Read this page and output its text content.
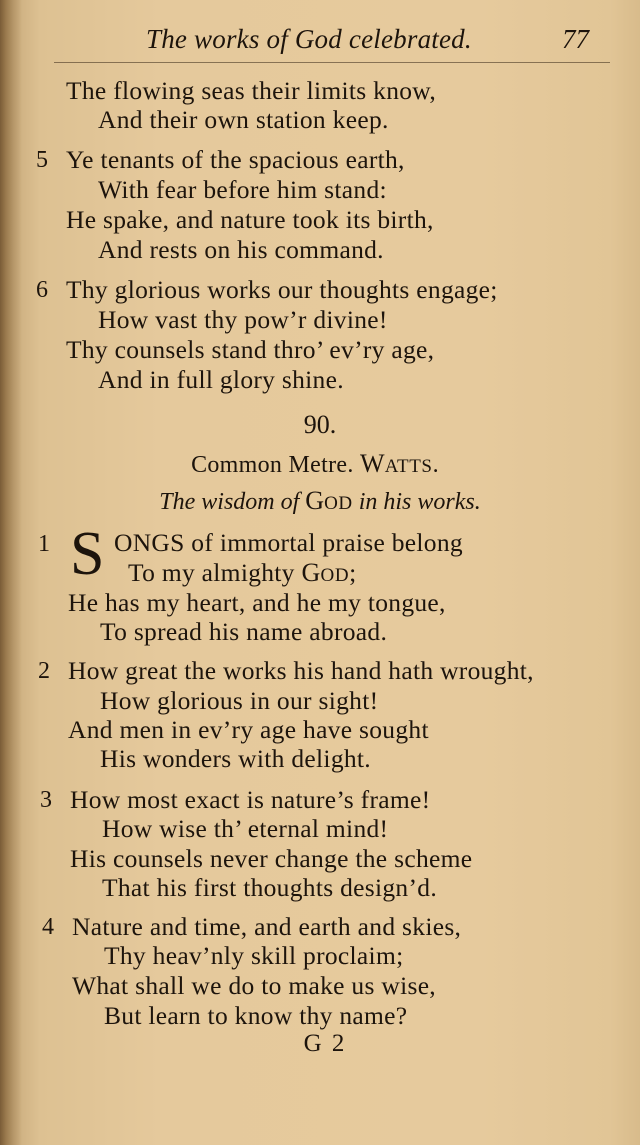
The works of God celebrated.	77
The flowing seas their limits know,
And their own station keep.
5 Ye tenants of the spacious earth,
With fear before him stand:
He spake, and nature took its birth,
And rests on his command.
6 Thy glorious works our thoughts engage;
How vast thy pow’r divine!
Thy counsels stand thro’ ev’ry age,
And in full glory shine.
90.
Common Metre. WATTS.
The wisdom of GOD in his works.
1 S ONGS of immortal praise belong
To my almighty GOD;
He has my heart, and he my tongue,
To spread his name abroad.
2 How great the works his hand hath wrought,
How glorious in our sight!
And men in ev’ry age have sought
His wonders with delight.
3 How most exact is nature’s frame!
How wise th’ eternal mind!
His counsels never change the scheme
That his first thoughts design’d.
4 Nature and time, and earth and skies,
Thy heav’nly skill proclaim;
What shall we do to make us wise,
But learn to know thy name?
G 2
